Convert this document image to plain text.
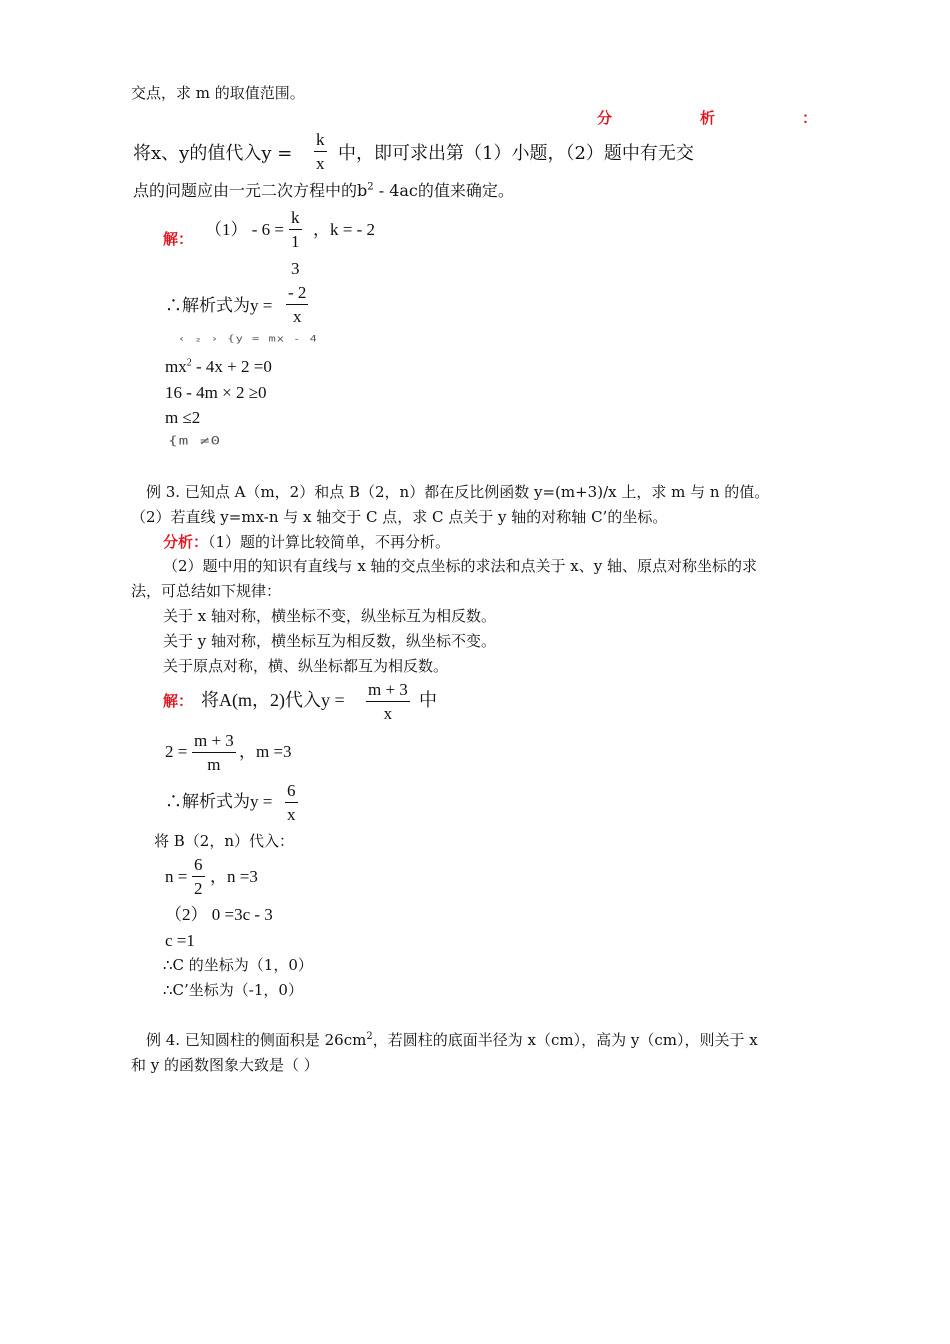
交点，求 m 的取值范围。
分	析	：
将x、y的值代入y =
k
x 中，即可求出第（1）小题，（2）题中有无交
点的问题应由一元二次方程中的$b^2 - 4ac$的值来确定。
解： （1） - 6 =
k
1
3
，k = - 2
∴解析式为y =
- 2
x
‹ ₂ › {y = mx - 4
$mx^2 - 4x + 2 =0$
16 - 4m × 2 ≥0
m ≤2
{m ≠0
例 3. 已知点 A（m，2）和点 B（2，n）都在反比例函数 y=(m+3)/x 上，求 m 与 n 的值。
（2）若直线 y=mx-n 与 x 轴交于 C 点，求 C 点关于 y 轴的对称轴 C’的坐标。
分析：（1）题的计算比较简单，不再分析。
（2）题中用的知识有直线与 x 轴的交点坐标的求法和点关于 x、y 轴、原点对称坐标的求
法，可总结如下规律：
关于 x 轴对称，横坐标不变，纵坐标互为相反数。
关于 y 轴对称，横坐标互为相反数，纵坐标不变。
关于原点对称，横、纵坐标都互为相反数。
解： 将A(m，2)代入y =
m + 3
x
中
2 =
m + 3
m
，m =3
∴解析式为y =
6
x
将 B（2，n）代入：
n =
6
2
，n =3
（2） 0 =3c - 3
c =1
∴C 的坐标为（1，0）
∴C’坐标为（-1，0）
例 4. 已知圆柱的侧面积是 $26cm^2$，若圆柱的底面半径为 x（cm），高为 y（cm），则关于 x
和 y 的函数图象大致是（ ）
